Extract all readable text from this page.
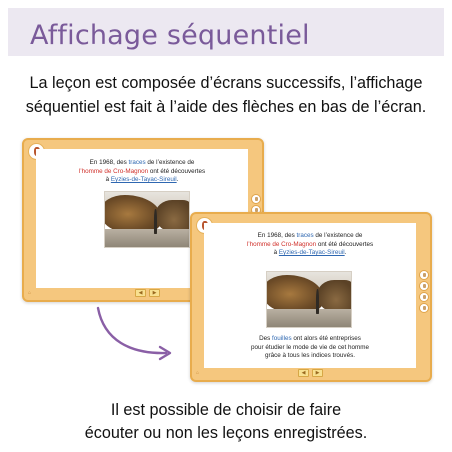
Affichage séquentiel
La leçon est composée d’écrans successifs, l’affichage
séquentiel est fait à l’aide des flèches en bas de l’écran.
En 1968, des traces de l’existence de
l’homme de Cro-Magnon ont été découvertes
à Eyzies-de-Tayac-Sireuil.
◀	▶
⌂
En 1968, des traces de l’existence de
l’homme de Cro-Magnon ont été découvertes
à Eyzies-de-Tayac-Sireuil.
Des fouilles ont alors été entreprises
pour étudier le mode de vie de cet homme
grâce à tous les indices trouvés.
◀	▶
⌂
Il est possible de choisir de faire
écouter ou non les leçons enregistrées.
